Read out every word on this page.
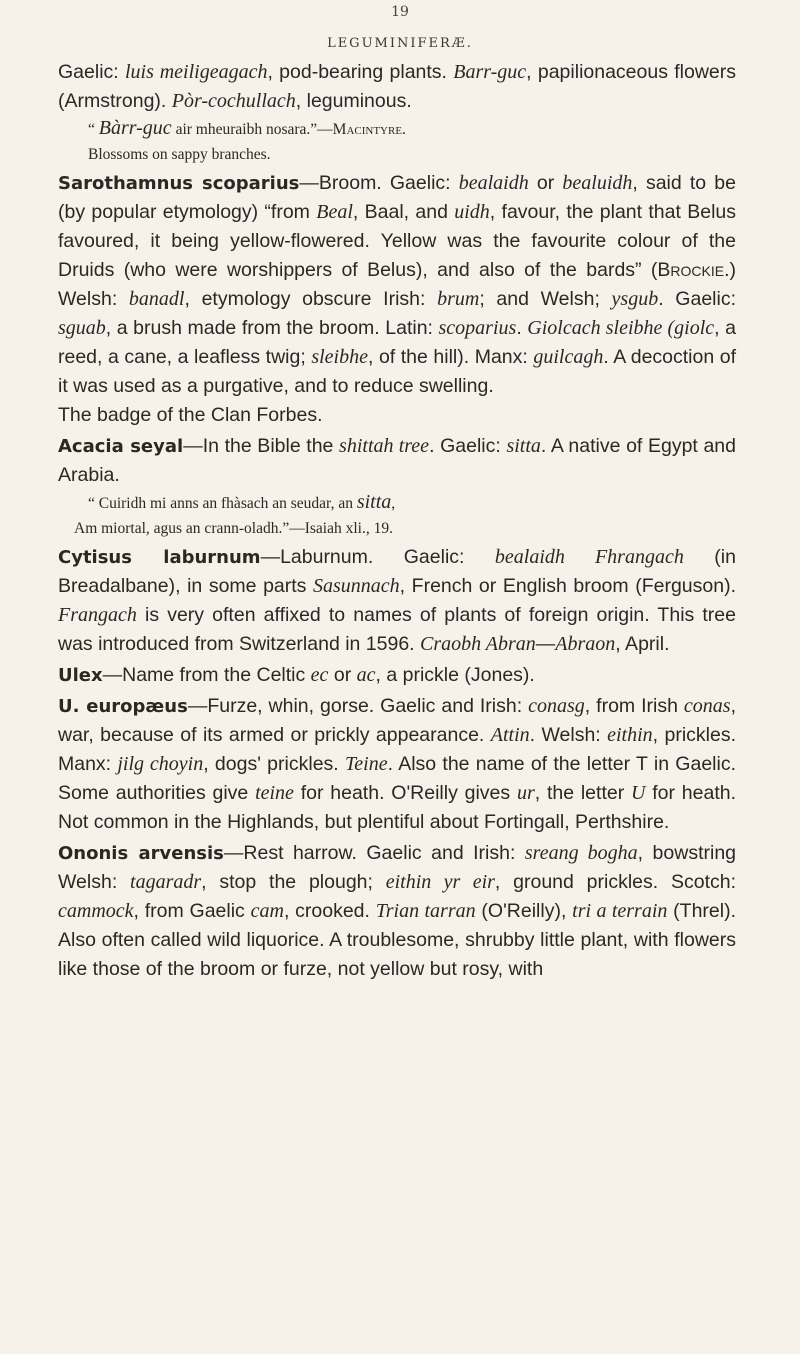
19
LEGUMINIFERÆ.

Gaelic: luis meiligeagach, pod-bearing plants. Barr-guc, papilionaceous flowers (Armstrong). Pòr-cochullach, leguminous.

“ Bàrr-guc air mheuraibh nosara.”—Macintyre.

Blossoms on sappy branches.

Sarothamnus scoparius—Broom. Gaelic: bealaidh or bealuidh, said to be (by popular etymology) “from Beal, Baal, and uidh, favour, the plant that Belus favoured, it being yellow-flowered. Yellow was the favourite colour of the Druids (who were worshippers of Belus), and also of the bards” (Brockie.) Welsh: banadl, etymology obscure Irish: brum; and Welsh; ysgub. Gaelic: sguab, a brush made from the broom. Latin: scoparius. Giolcach sleibhe (giolc, a reed, a cane, a leafless twig; sleibhe, of the hill). Manx: guilcagh. A decoction of it was used as a purgative, and to reduce swelling.

The badge of the Clan Forbes.

Acacia seyal—In the Bible the shittah tree. Gaelic: sitta. A native of Egypt and Arabia.

“ Cuiridh mi anns an fhàsach an seudar, an sitta,

Am miortal, agus an crann-oladh.”—Isaiah xli., 19.

Cytisus laburnum—Laburnum. Gaelic: bealaidh Fhrangach (in Breadalbane), in some parts Sasunnach, French or English broom (Ferguson). Frangach is very often affixed to names of plants of foreign origin. This tree was introduced from Switzerland in 1596. Craobh Abran—Abraon, April.

Ulex—Name from the Celtic ec or ac, a prickle (Jones).

U. europæus—Furze, whin, gorse. Gaelic and Irish: conasg, from Irish conas, war, because of its armed or prickly appearance. Attin. Welsh: eithin, prickles. Manx: jilg choyin, dogs' prickles. Teine. Also the name of the letter T in Gaelic. Some authorities give teine for heath. O'Reilly gives ur, the letter U for heath. Not common in the Highlands, but plentiful about Fortingall, Perthshire.

Ononis arvensis—Rest harrow. Gaelic and Irish: sreang bogha, bowstring Welsh: tagaradr, stop the plough; eithin yr eir, ground prickles. Scotch: cammock, from Gaelic cam, crooked. Trian tarran (O'Reilly), tri a terrain (Threl). Also often called wild liquorice. A troublesome, shrubby little plant, with flowers like those of the broom or furze, not yellow but rosy, with
